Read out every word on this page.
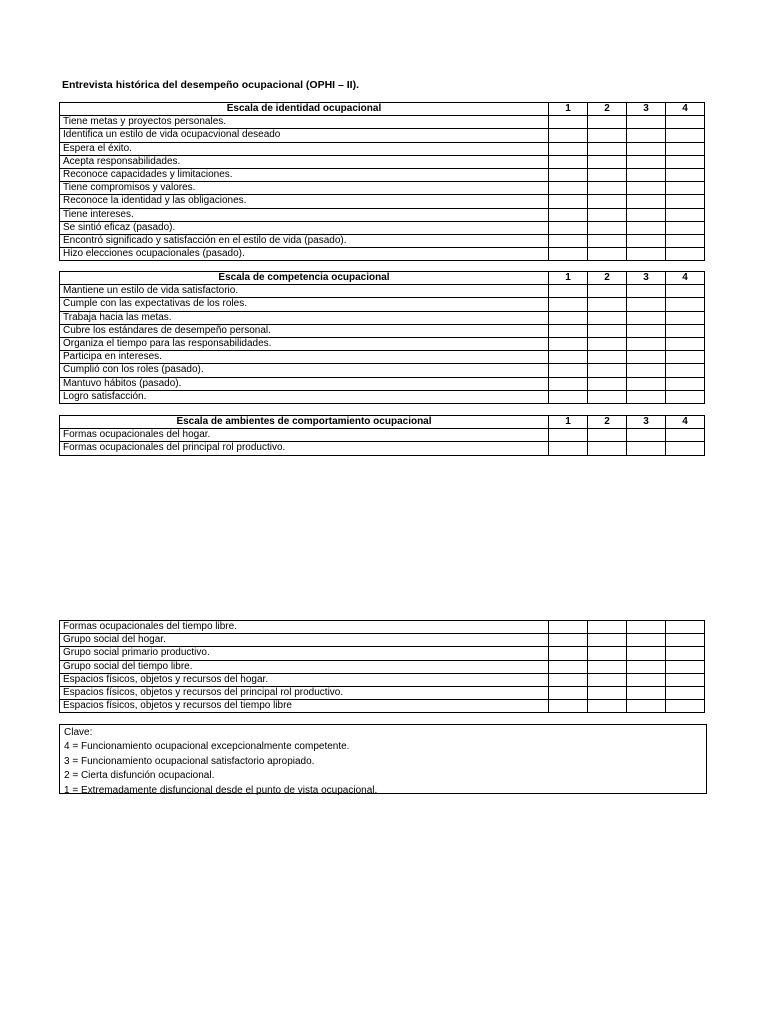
Entrevista histórica del desempeño ocupacional (OPHI – II).
Escala de identidad ocupacional	1	2	3	4
Tiene metas y proyectos personales.				
Identifica un estilo de vida ocupacvional deseado				
Espera el éxito.				
Acepta responsabilidades.				
Reconoce capacidades y limitaciones.				
Tiene compromisos y valores.				
Reconoce la identidad y las obligaciones.				
Tiene intereses.				
Se sintió eficaz (pasado).				
Encontró significado y satisfacción en el estilo de vida (pasado).				
Hizo elecciones ocupacionales (pasado).				
Escala de competencia ocupacional	1	2	3	4
Mantiene un estilo de vida satisfactorio.				
Cumple con las expectativas de los roles.				
Trabaja hacia las metas.				
Cubre los estándares de desempeño personal.				
Organiza el tiempo para las responsabilidades.				
Participa en intereses.				
Cumplió con los roles (pasado).				
Mantuvo hábitos (pasado).				
Logro satisfacción.				
Escala de ambientes de comportamiento ocupacional	1	2	3	4
Formas ocupacionales del hogar.				
Formas ocupacionales del principal rol productivo.				
Formas ocupacionales del tiempo libre.				
Grupo social del hogar.				
Grupo social primario productivo.				
Grupo social del tiempo libre.				
Espacios físicos, objetos y recursos del hogar.				
Espacios físicos, objetos y recursos del principal rol productivo.				
Espacios físicos, objetos y recursos del tiempo libre				
Clave:
4 = Funcionamiento ocupacional excepcionalmente competente.
3 = Funcionamiento ocupacional satisfactorio apropiado.
2 = Cierta disfunción ocupacional.
1 = Extremadamente disfuncional desde el punto de vista ocupacional.
